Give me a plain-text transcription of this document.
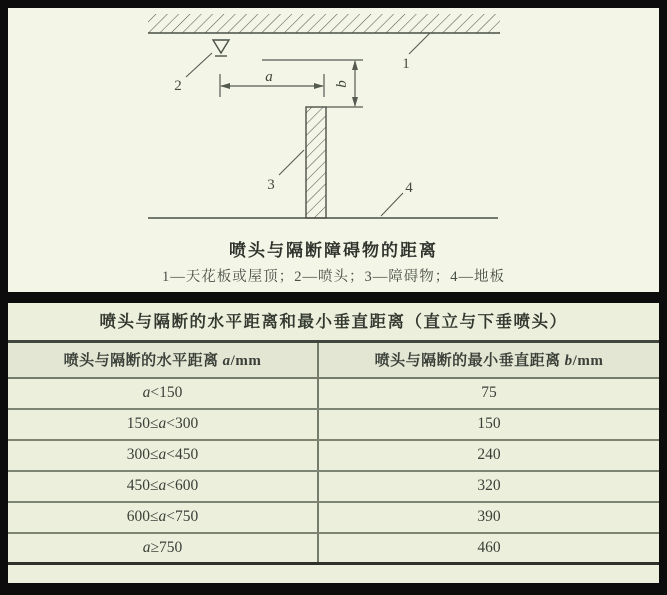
a	b
1
2
3	4
喷头与隔断障碍物的距离
1—天花板或屋顶；2—喷头；3—障碍物；4—地板
喷头与隔断的水平距离和最小垂直距离（直立与下垂喷头）
喷头与隔断的水平距离 a/mm	喷头与隔断的最小垂直距离 b/mm
a<150	75
150≤a<300	150
300≤a<450	240
450≤a<600	320
600≤a<750	390
a≥750	460
